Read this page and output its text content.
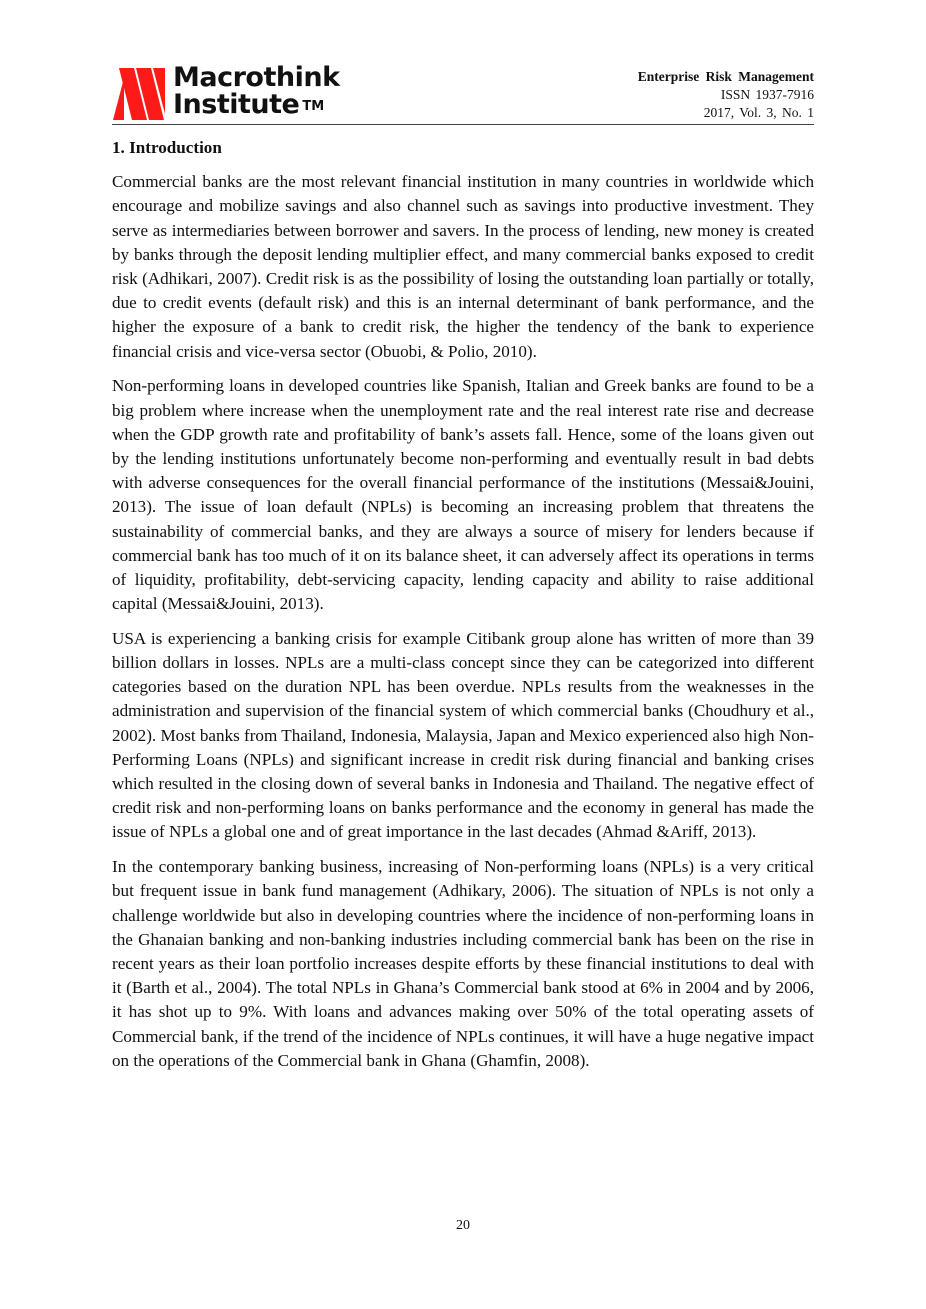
Macrothink
Institute ™
Enterprise Risk Management
ISSN 1937-7916
2017, Vol. 3, No. 1
1. Introduction

Commercial banks are the most relevant financial institution in many countries in worldwide which encourage and mobilize savings and also channel such as savings into productive investment. They serve as intermediaries between borrower and savers. In the process of lending, new money is created by banks through the deposit lending multiplier effect, and many commercial banks exposed to credit risk (Adhikari, 2007). Credit risk is as the possibility of losing the outstanding loan partially or totally, due to credit events (default risk) and this is an internal determinant of bank performance, and the higher the exposure of a bank to credit risk, the higher the tendency of the bank to experience financial crisis and vice-versa sector (Obuobi, & Polio, 2010).

Non-performing loans in developed countries like Spanish, Italian and Greek banks are found to be a big problem where increase when the unemployment rate and the real interest rate rise and decrease when the GDP growth rate and profitability of bank’s assets fall. Hence, some of the loans given out by the lending institutions unfortunately become non-performing and eventually result in bad debts with adverse consequences for the overall financial performance of the institutions (Messai&Jouini, 2013). The issue of loan default (NPLs) is becoming an increasing problem that threatens the sustainability of commercial banks, and they are always a source of misery for lenders because if commercial bank has too much of it on its balance sheet, it can adversely affect its operations in terms of liquidity, profitability, debt-servicing capacity, lending capacity and ability to raise additional capital (Messai&Jouini, 2013).

USA is experiencing a banking crisis for example Citibank group alone has written of more than 39 billion dollars in losses. NPLs are a multi-class concept since they can be categorized into different categories based on the duration NPL has been overdue. NPLs results from the weaknesses in the administration and supervision of the financial system of which commercial banks (Choudhury et al., 2002). Most banks from Thailand, Indonesia, Malaysia, Japan and Mexico experienced also high Non-Performing Loans (NPLs) and significant increase in credit risk during financial and banking crises which resulted in the closing down of several banks in Indonesia and Thailand. The negative effect of credit risk and non-performing loans on banks performance and the economy in general has made the issue of NPLs a global one and of great importance in the last decades (Ahmad &Ariff, 2013).

In the contemporary banking business, increasing of Non-performing loans (NPLs) is a very critical but frequent issue in bank fund management (Adhikary, 2006). The situation of NPLs is not only a challenge worldwide but also in developing countries where the incidence of non-performing loans in the Ghanaian banking and non-banking industries including commercial bank has been on the rise in recent years as their loan portfolio increases despite efforts by these financial institutions to deal with it (Barth et al., 2004). The total NPLs in Ghana’s Commercial bank stood at 6% in 2004 and by 2006, it has shot up to 9%. With loans and advances making over 50% of the total operating assets of Commercial bank, if the trend of the incidence of NPLs continues, it will have a huge negative impact on the operations of the Commercial bank in Ghana (Ghamfin, 2008).

20
